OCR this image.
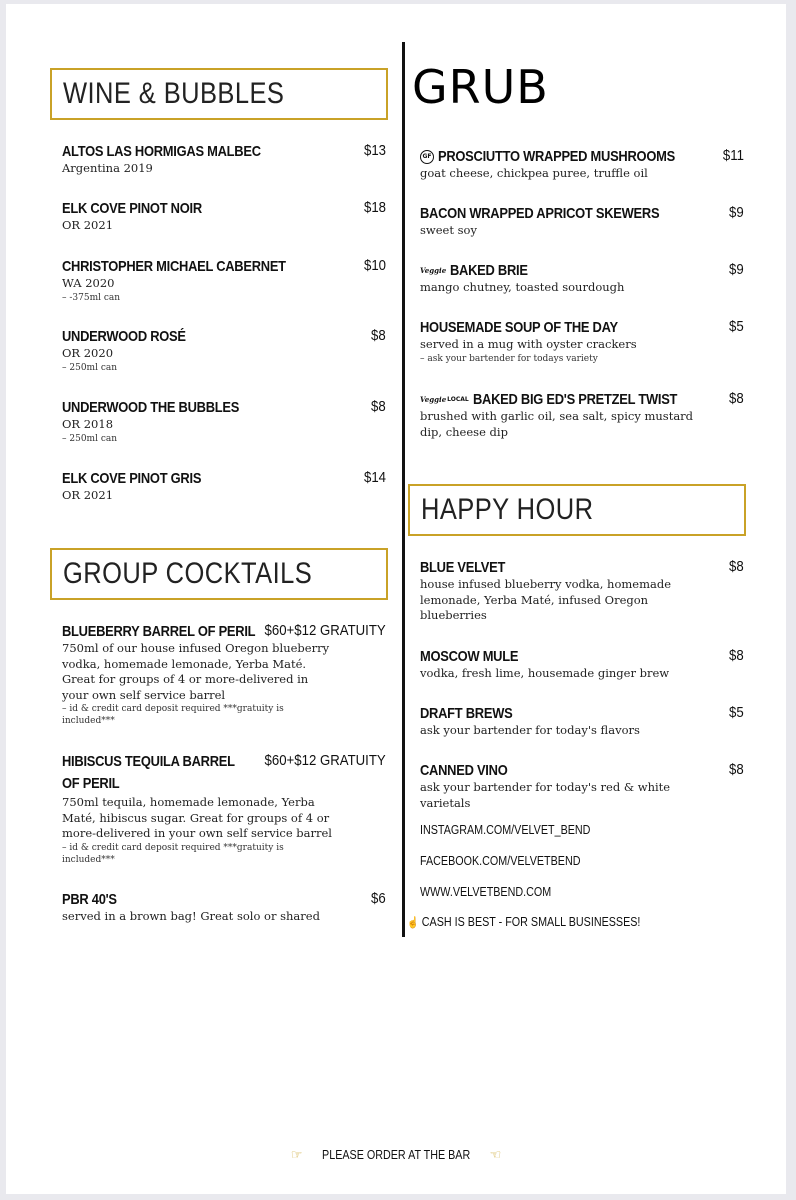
WINE & BUBBLES
ALTOS LAS HORMIGAS MALBEC	$13
Argentina 2019
ELK COVE PINOT NOIR	$18
OR 2021
CHRISTOPHER MICHAEL CABERNET	$10
WA 2020
– -375ml can
UNDERWOOD ROSÉ	$8
OR 2020
– 250ml can
UNDERWOOD THE BUBBLES	$8
OR 2018
– 250ml can
ELK COVE PINOT GRIS	$14
OR 2021
GROUP COCKTAILS
BLUEBERRY BARREL OF PERIL $60+$12 GRATUITY
750ml of our house infused Oregon blueberry vodka, homemade lemonade, Yerba Maté. Great for groups of 4 or more-delivered in your own self service barrel
– id & credit card deposit required ***gratuity is included***
HIBISCUS TEQUILA BARREL OF PERIL
$60+$12 GRATUITY
750ml tequila, homemade lemonade, Yerba Maté, hibiscus sugar. Great for groups of 4 or more-delivered in your own self service barrel
– id & credit card deposit required ***gratuity is included***
PBR 40'S	$6
served in a brown bag! Great solo or shared
GRUB
GF PROSCIUTTO WRAPPED MUSHROOMS	$11
goat cheese, chickpea puree, truffle oil
BACON WRAPPED APRICOT SKEWERS	$9
sweet soy
Veggie BAKED BRIE	$9
mango chutney, toasted sourdough
HOUSEMADE SOUP OF THE DAY	$5
served in a mug with oyster crackers
– ask your bartender for todays variety
VeggieLOCAL BAKED BIG ED'S PRETZEL TWIST	$8
brushed with garlic oil, sea salt, spicy mustard dip, cheese dip
HAPPY HOUR
BLUE VELVET	$8
house infused blueberry vodka, homemade lemonade, Yerba Maté, infused Oregon blueberries
MOSCOW MULE	$8
vodka, fresh lime, housemade ginger brew
DRAFT BREWS	$5
ask your bartender for today's flavors
CANNED VINO	$8
ask your bartender for today's red & white varietals
INSTAGRAM.COM/VELVET_BEND
FACEBOOK.COM/VELVETBEND
WWW.VELVETBEND.COM
☝ CASH IS BEST - FOR SMALL BUSINESSES!
☞ PLEASE ORDER AT THE BAR ☜
